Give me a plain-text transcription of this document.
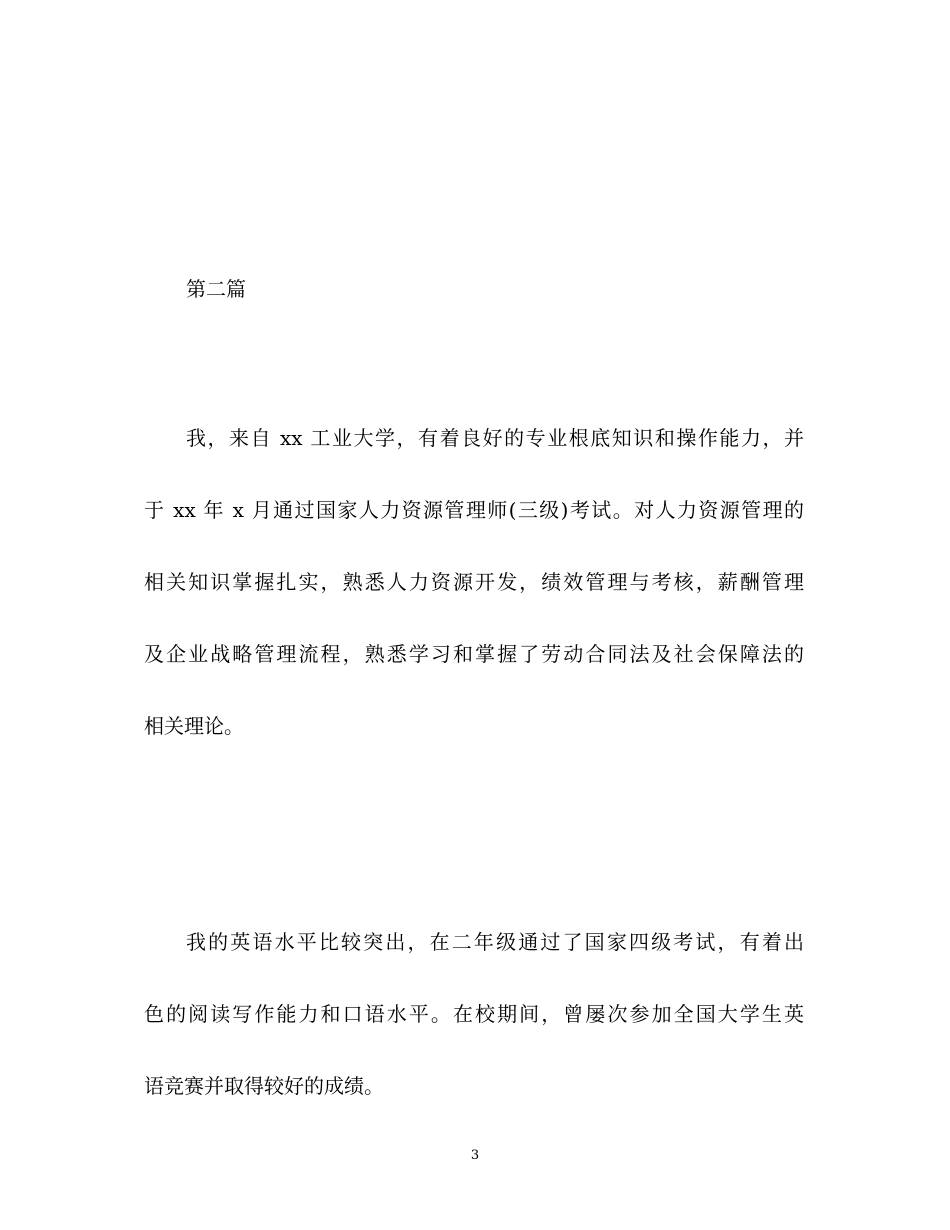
第二篇
我，来自 xx 工业大学，有着良好的专业根底知识和操作能力，并
于 xx 年 x 月通过国家人力资源管理师(三级)考试。对人力资源管理的
相关知识掌握扎实，熟悉人力资源开发，绩效管理与考核，薪酬管理
及企业战略管理流程，熟悉学习和掌握了劳动合同法及社会保障法的
相关理论。
我的英语水平比较突出，在二年级通过了国家四级考试，有着出
色的阅读写作能力和口语水平。在校期间，曾屡次参加全国大学生英
语竞赛并取得较好的成绩。
3
